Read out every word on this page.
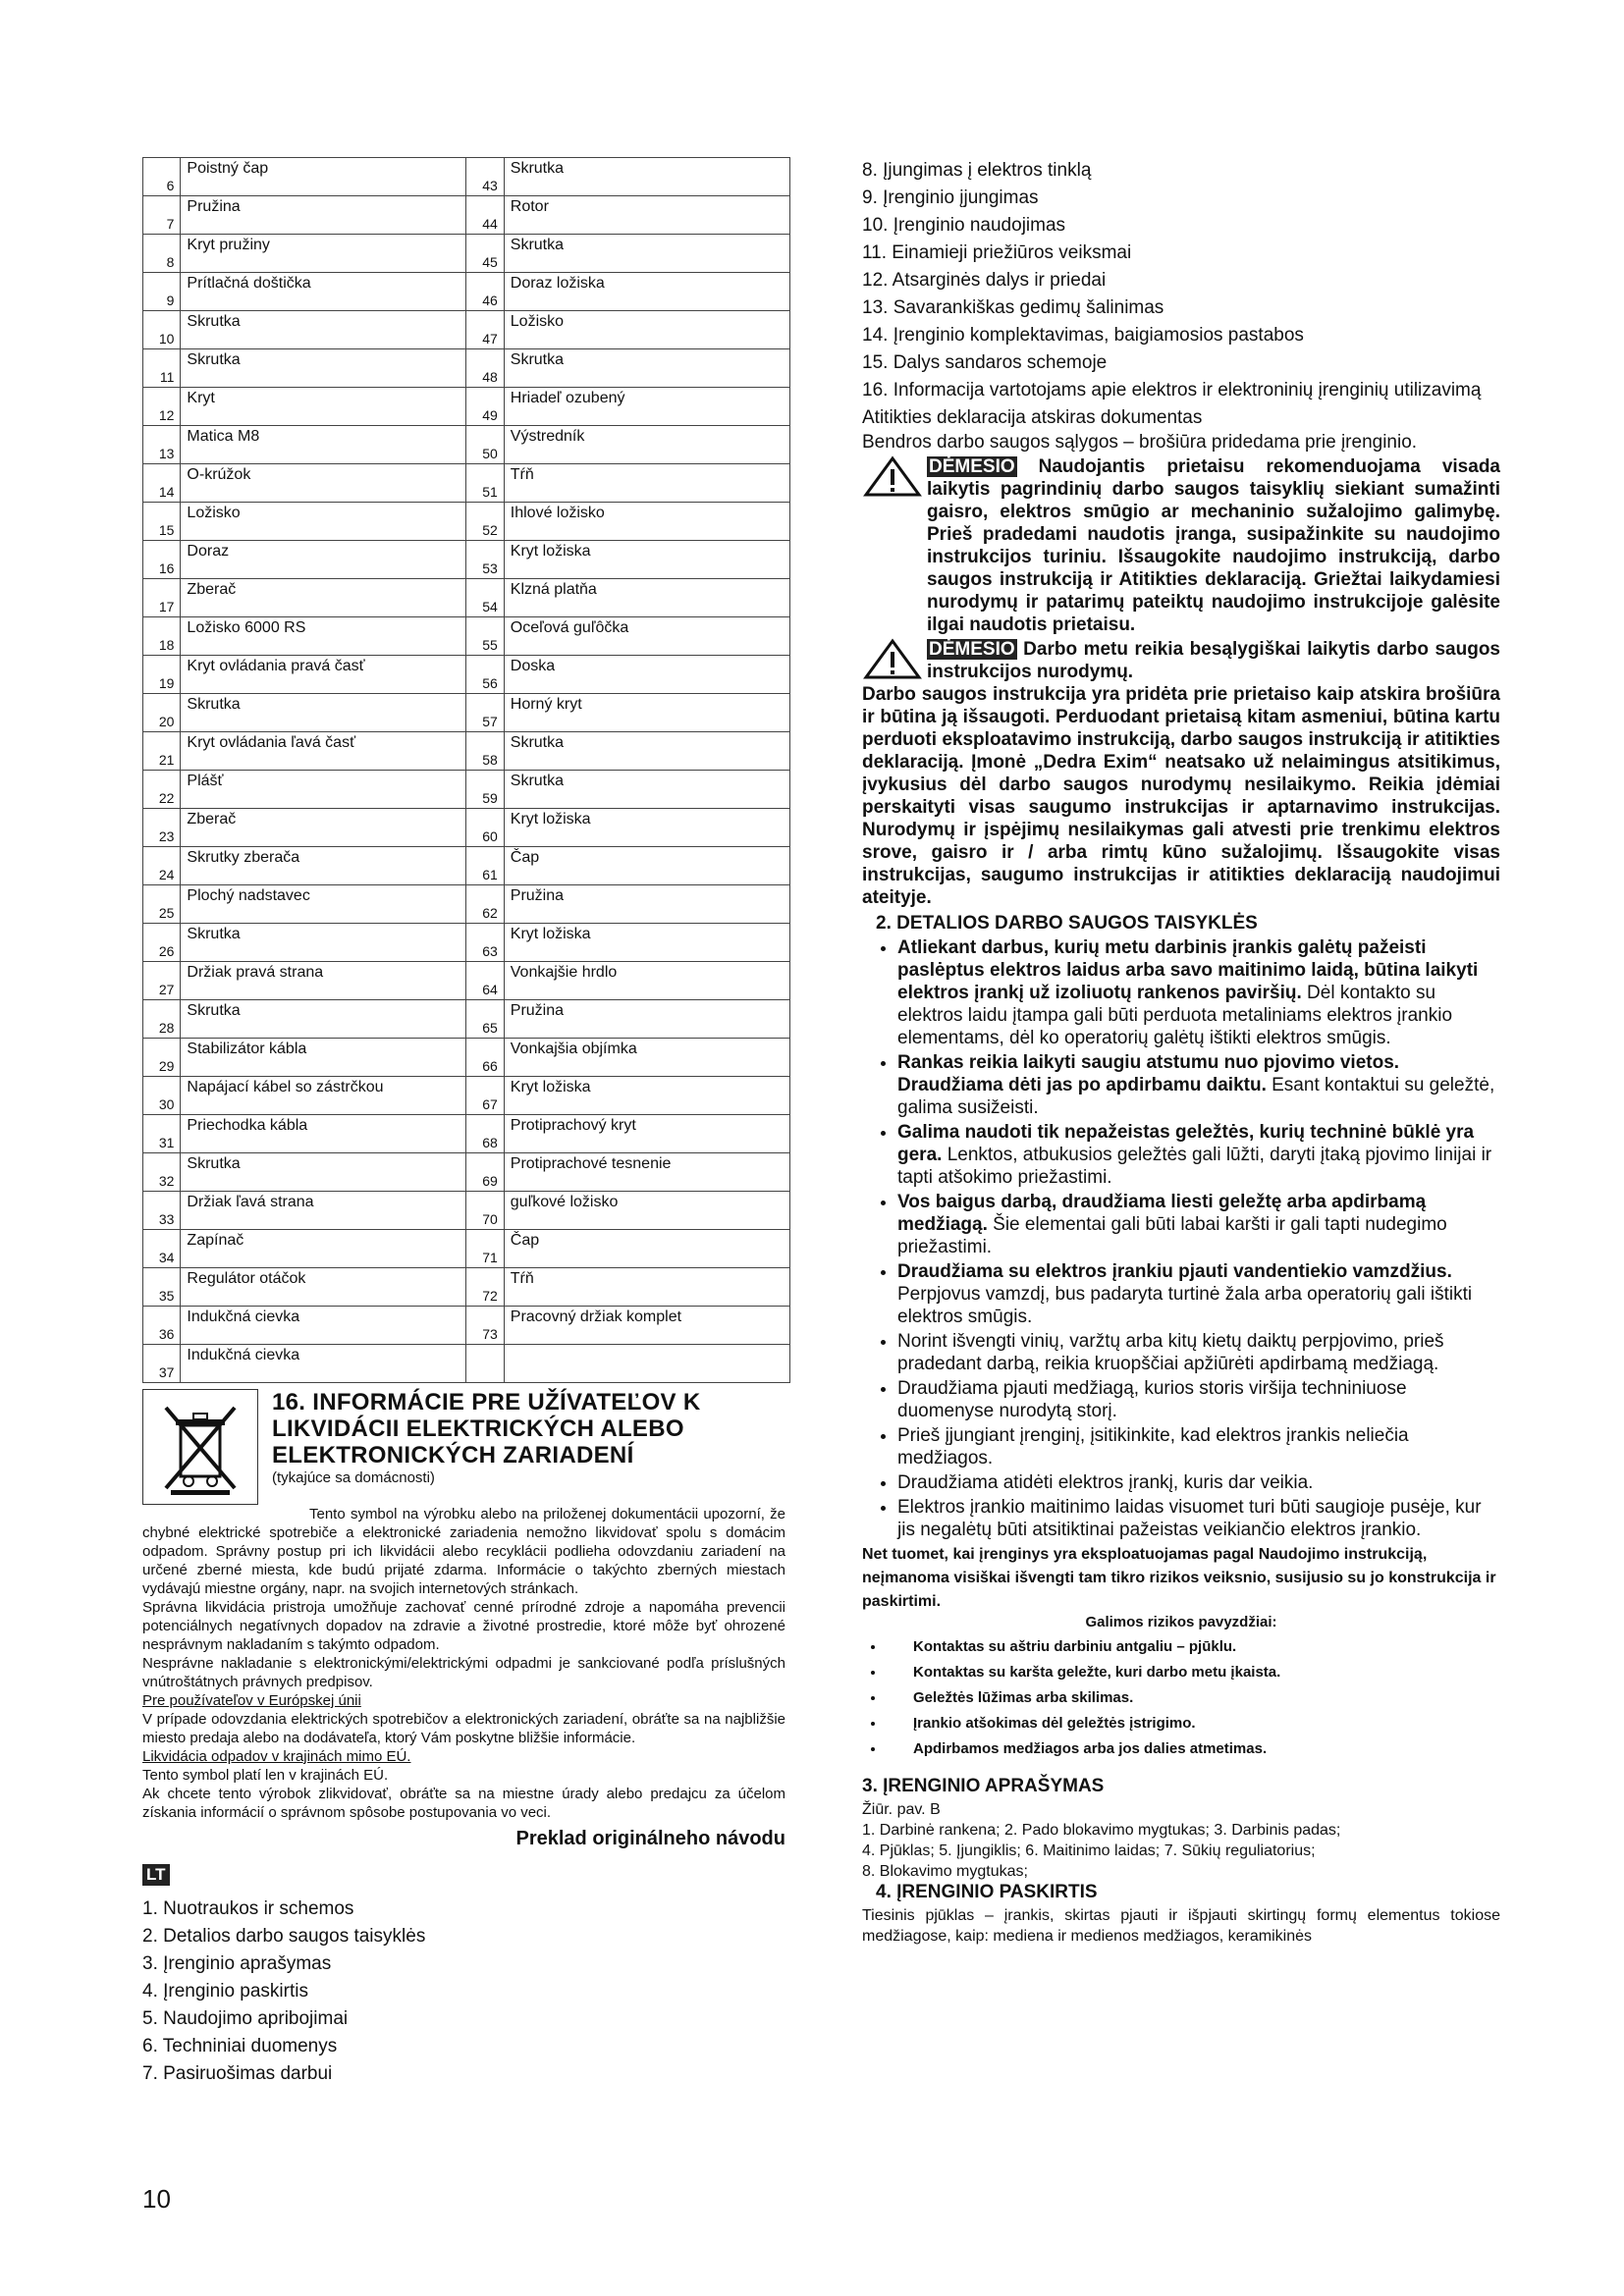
6	Poistný čap	43	Skrutka

7	Pružina	44	Rotor

8	Kryt pružiny	45	Skrutka

9	Prítlačná doštička	46	Doraz ložiska

10	Skrutka	47	Ložisko

11	Skrutka	48	Skrutka

12	Kryt	49	Hriadeľ ozubený

13	Matica M8	50	Výstredník

14	O-krúžok	51	Tŕň

15	Ložisko	52	Ihlové ložisko

16	Doraz	53	Kryt ložiska

17	Zberač	54	Klzná platňa

18	Ložisko 6000 RS	55	Oceľová guľôčka

19	Kryt ovládania pravá časť	56	Doska

20	Skrutka	57	Horný kryt

21	Kryt ovládania ľavá časť	58	Skrutka

22	Plášť	59	Skrutka

23	Zberač	60	Kryt ložiska

24	Skrutky zberača	61	Čap

25	Plochý nadstavec	62	Pružina

26	Skrutka	63	Kryt ložiska

27	Držiak pravá strana	64	Vonkajšie hrdlo

28	Skrutka	65	Pružina

29	Stabilizátor kábla	66	Vonkajšia objímka

30	Napájací kábel so zástrčkou	67	Kryt ložiska

31	Priechodka kábla	68	Protiprachový kryt

32	Skrutka	69	Protiprachové tesnenie

33	Držiak ľavá strana	70	guľkové ložisko

34	Zapínač	71	Čap

35	Regulátor otáčok	72	Tŕň

36	Indukčná cievka	73	Pracovný držiak komplet

37	Indukčná cievka		

16. INFORMÁCIE PRE UŽÍVATEĽOV K LIKVIDÁCII ELEKTRICKÝCH ALEBO ELEKTRONICKÝCH ZARIADENÍ
(tykajúce sa domácnosti)

Tento symbol na výrobku alebo na priloženej dokumentácii upozorní, že chybné elektrické spotrebiče a elektronické zariadenia nemožno likvidovať spolu s domácim odpadom. Správny postup pri ich likvidácii alebo recyklácii podlieha odovzdaniu zariadení na určené zberné miesta, kde budú prijaté zdarma. Informácie o takýchto zberných miestach vydávajú miestne orgány, napr. na svojich internetových stránkach.

Správna likvidácia pristroja umožňuje zachovať cenné prírodné zdroje a napomáha prevencii potenciálnych negatívnych dopadov na zdravie a životné prostredie, ktoré môže byť ohrozené nesprávnym nakladaním s takýmto odpadom.

Nesprávne nakladanie s elektronickými/elektrickými odpadmi je sankciované podľa príslušných vnútroštátnych právnych predpisov.

Pre používateľov v Európskej únii

V prípade odovzdania elektrických spotrebičov a elektronických zariadení, obráťte sa na najbližšie miesto predaja alebo na dodávateľa, ktorý Vám poskytne bližšie informácie.

Likvidácia odpadov v krajinách mimo EÚ.

Tento symbol platí len v krajinách EÚ.

Ak chcete tento výrobok zlikvidovať, obráťte sa na miestne úrady alebo predajcu za účelom získania informácií o správnom spôsobe postupovania vo veci.

Preklad originálneho návodu
LT
1. Nuotraukos ir schemos
2. Detalios darbo saugos taisyklės
3. Įrenginio aprašymas
4. Įrenginio paskirtis
5. Naudojimo apribojimai
6. Techniniai duomenys
7. Pasiruošimas darbui
10
8. Įjungimas į elektros tinklą
9. Įrenginio įjungimas
10. Įrenginio naudojimas
11. Einamieji priežiūros veiksmai
12. Atsarginės dalys ir priedai
13. Savarankiškas gedimų šalinimas
14. Įrenginio komplektavimas, baigiamosios pastabos
15. Dalys sandaros schemoje
16. Informacija vartotojams apie elektros ir elektroninių įrenginių utilizavimą
Atitikties deklaracija atskiras dokumentas
Bendros darbo saugos sąlygos – brošiūra pridedama prie įrenginio.
DĖMESIO Naudojantis prietaisu rekomenduojama visada laikytis pagrindinių darbo saugos taisyklių siekiant sumažinti gaisro, elektros smūgio ar mechaninio sužalojimo galimybę. Prieš pradedami naudotis įranga, susipažinkite su naudojimo instrukcijos turiniu. Išsaugokite naudojimo instrukciją, darbo saugos instrukciją ir Atitikties deklaraciją. Griežtai laikydamiesi nurodymų ir patarimų pateiktų naudojimo instrukcijoje galėsite ilgai naudotis prietaisu.
DĖMESIO Darbo metu reikia besąlygiškai laikytis darbo saugos instrukcijos nurodymų.
Darbo saugos instrukcija yra pridėta prie prietaiso kaip atskira brošiūra ir būtina ją išsaugoti. Perduodant prietaisą kitam asmeniui, būtina kartu perduoti eksploatavimo instrukciją, darbo saugos instrukciją ir atitikties deklaraciją. Įmonė „Dedra Exim“ neatsako už nelaimingus atsitikimus, įvykusius dėl darbo saugos nurodymų nesilaikymo. Reikia įdėmiai perskaityti visas saugumo instrukcijas ir aptarnavimo instrukcijas. Nurodymų ir įspėjimų nesilaikymas gali atvesti prie trenkimu elektros srove, gaisro ir / arba rimtų kūno sužalojimų. Išsaugokite visas instrukcijas, saugumo instrukcijas ir atitikties deklaraciją naudojimui ateityje.
2. DETALIOS DARBO SAUGOS TAISYKLĖS
• Atliekant darbus, kurių metu darbinis įrankis galėtų pažeisti paslėptus elektros laidus arba savo maitinimo laidą, būtina laikyti elektros įrankį už izoliuotų rankenos paviršių. Dėl kontakto su elektros laidu įtampa gali būti perduota metaliniams elektros įrankio elementams, dėl ko operatorių galėtų ištikti elektros smūgis.
• Rankas reikia laikyti saugiu atstumu nuo pjovimo vietos. Draudžiama dėti jas po apdirbamu daiktu. Esant kontaktui su geležtė, galima susižeisti.
• Galima naudoti tik nepažeistas geležtės, kurių techninė būklė yra gera. Lenktos, atbukusios geležtės gali lūžti, daryti įtaką pjovimo linijai ir tapti atšokimo priežastimi.
• Vos baigus darbą, draudžiama liesti geležtę arba apdirbamą medžiagą. Šie elementai gali būti labai karšti ir gali tapti nudegimo priežastimi.
• Draudžiama su elektros įrankiu pjauti vandentiekio vamzdžius. Perpjovus vamzdį, bus padaryta turtinė žala arba operatorių gali ištikti elektros smūgis.
• Norint išvengti vinių, varžtų arba kitų kietų daiktų perpjovimo, prieš pradedant darbą, reikia kruopščiai apžiūrėti apdirbamą medžiagą.
• Draudžiama pjauti medžiagą, kurios storis viršija techniniuose duomenyse nurodytą storį.
• Prieš įjungiant įrenginį, įsitikinkite, kad elektros įrankis neliečia medžiagos.
• Draudžiama atidėti elektros įrankį, kuris dar veikia.
• Elektros įrankio maitinimo laidas visuomet turi būti saugioje pusėje, kur jis negalėtų būti atsitiktinai pažeistas veikiančio elektros įrankio.
Net tuomet, kai įrenginys yra eksploatuojamas pagal Naudojimo instrukciją, neįmanoma visiškai išvengti tam tikro rizikos veiksnio, susijusio su jo konstrukcija ir paskirtimi.
Galimos rizikos pavyzdžiai:
• Kontaktas su aštriu darbiniu antgaliu – pjūklu.
• Kontaktas su karšta geležte, kuri darbo metu įkaista.
• Geležtės lūžimas arba skilimas.
• Įrankio atšokimas dėl geležtės įstrigimo.
• Apdirbamos medžiagos arba jos dalies atmetimas.
3. ĮRENGINIO APRAŠYMAS
Žiūr. pav. B
1. Darbinė rankena; 2. Pado blokavimo mygtukas; 3. Darbinis padas;
4. Pjūklas; 5. Įjungiklis; 6. Maitinimo laidas; 7. Sūkių reguliatorius;
8. Blokavimo mygtukas;
4. ĮRENGINIO PASKIRTIS
Tiesinis pjūklas – įrankis, skirtas pjauti ir išpjauti skirtingų formų elementus tokiose medžiagose, kaip: mediena ir medienos medžiagos, keramikinės
